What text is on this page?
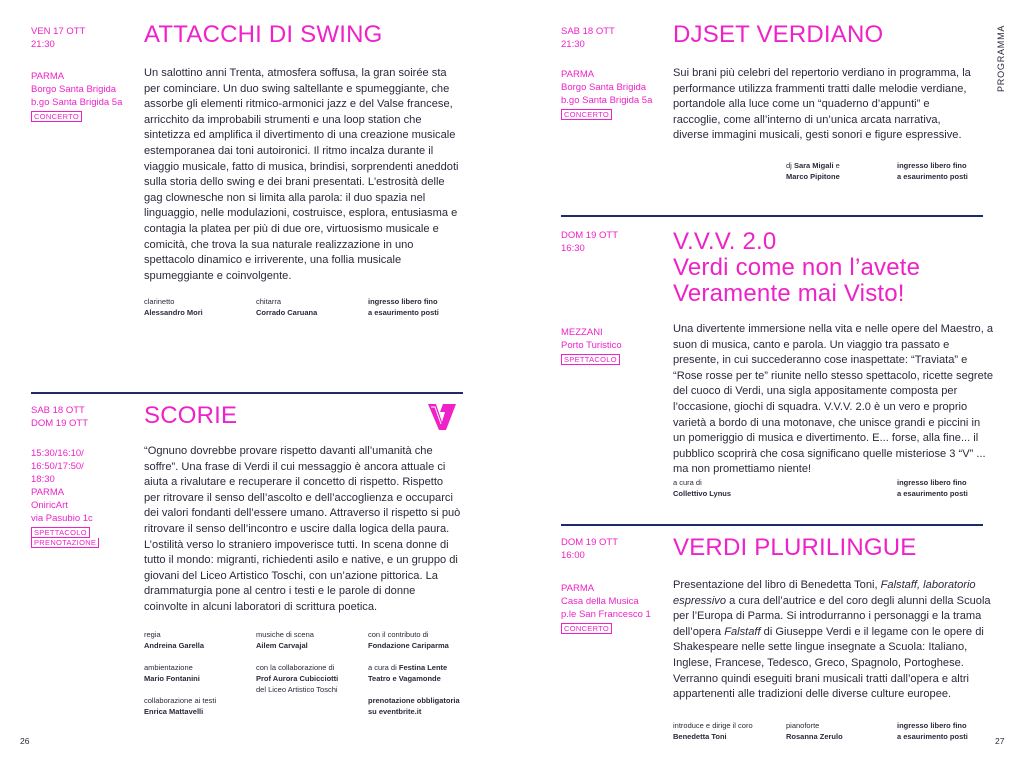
VEN 17 OTT
21:30
PARMA
Borgo Santa Brigida
b.go Santa Brigida 5a
CONCERTO
ATTACCHI DI SWING

Un salottino anni Trenta, atmosfera soffusa, la gran soirée sta per cominciare. Un duo swing saltellante e spumeggiante, che assorbe gli elementi ritmico-armonici jazz e del Valse francese, arricchito da improbabili strumenti e una loop station che sintetizza ed amplifica il divertimento di una creazione musicale estemporanea dai toni autoironici. Il ritmo incalza durante il viaggio musicale, fatto di musica, brindisi, sorprendenti aneddoti sulla storia dello swing e dei brani presentati. L'estrosità delle gag clownesche non si limita alla parola: il duo spazia nel linguaggio, nelle modulazioni, costruisce, esplora, entusiasma e contagia la platea per più di due ore, virtuosismo musicale e comicità, che trova la sua naturale realizzazione in uno spettacolo dinamico e irriverente, una follia musicale spumeggiante e coinvolgente.

clarinetto
Alessandro Mori
chitarra
Corrado Caruana
ingresso libero fino
a esaurimento posti
SAB 18 OTT
DOM 19 OTT
15:30/16:10/
16:50/17:50/
18:30
PARMA
OniricArt
via Pasubio 1c
SPETTACOLO
PRENOTAZIONE
SCORIE

“Ognuno dovrebbe provare rispetto davanti all’umanità che soffre”. Una frase di Verdi il cui messaggio è ancora attuale ci aiuta a rivalutare e recuperare il concetto di rispetto. Rispetto per ritrovare il senso dell’ascolto e dell’accoglienza e occuparci dei valori fondanti dell’essere umano. Attraverso il rispetto si può ritrovare il senso dell’incontro e uscire dalla logica della paura. L’ostilità verso lo straniero impoverisce tutti. In scena donne di tutto il mondo: migranti, richiedenti asilo e native, e un gruppo di giovani del Liceo Artistico Toschi, con un’azione pittorica. La drammaturgia pone al centro i testi e le parole di donne coinvolte in alcuni laboratori di scrittura poetica.

regia
Andreina Garella
musiche di scena
Ailem Carvajal
con il contributo di
Fondazione Cariparma
ambientazione
Mario Fontanini
con la collaborazione di
Prof Aurora Cubicciotti
del Liceo Artistico Toschi
a cura di Festina Lente
Teatro e Vagamonde
collaborazione ai testi
Enrica Mattavelli
prenotazione obbligatoria
su eventbrite.it
26
SAB 18 OTT
21:30
PARMA
Borgo Santa Brigida
b.go Santa Brigida 5a
CONCERTO
DJSET VERDIANO

Sui brani più celebri del repertorio verdiano in programma, la performance utilizza frammenti tratti dalle melodie verdiane, portandole alla luce come un “quaderno d’appunti” e raccoglie, come all’interno di un’unica arcata narrativa, diverse immagini musicali, gesti sonori e figure espressive.

dj Sara Migali e
Marco Pipitone
ingresso libero fino
a esaurimento posti
DOM 19 OTT
16:30
MEZZANI
Porto Turistico
SPETTACOLO
V.V.V. 2.0
Verdi come non l’avete
Veramente mai Visto!

Una divertente immersione nella vita e nelle opere del Maestro, a suon di musica, canto e parola. Un viaggio tra passato e presente, in cui succederanno cose inaspettate: “Traviata” e “Rose rosse per te” riunite nello stesso spettacolo, ricette segrete del cuoco di Verdi, una sigla appositamente composta per l’occasione, giochi di squadra. V.V.V. 2.0 è un vero e proprio varietà a bordo di una motonave, che unisce grandi e piccini in un pomeriggio di musica e divertimento. E... forse, alla fine... il pubblico scoprirà che cosa significano quelle misteriose 3 “V” ... ma non promettiamo niente!

a cura di
Collettivo Lynus
ingresso libero fino
a esaurimento posti
DOM 19 OTT
16:00
PARMA
Casa della Musica
p.le San Francesco 1
CONCERTO
VERDI PLURILINGUE

Presentazione del libro di Benedetta Toni, Falstaff, laboratorio espressivo a cura dell’autrice e del coro degli alunni della Scuola per l’Europa di Parma. Si introdurranno i personaggi e la trama dell’opera Falstaff di Giuseppe Verdi e il legame con le opere di Shakespeare nelle sette lingue insegnate a Scuola: Italiano, Inglese, Francese, Tedesco, Greco, Spagnolo, Portoghese. Verranno quindi eseguiti brani musicali tratti dall’opera e altri appartenenti alle tradizioni delle diverse culture europee.

introduce e dirige il coro
Benedetta Toni
pianoforte
Rosanna Zerulo
ingresso libero fino
a esaurimento posti	27
PROGRAMMA
